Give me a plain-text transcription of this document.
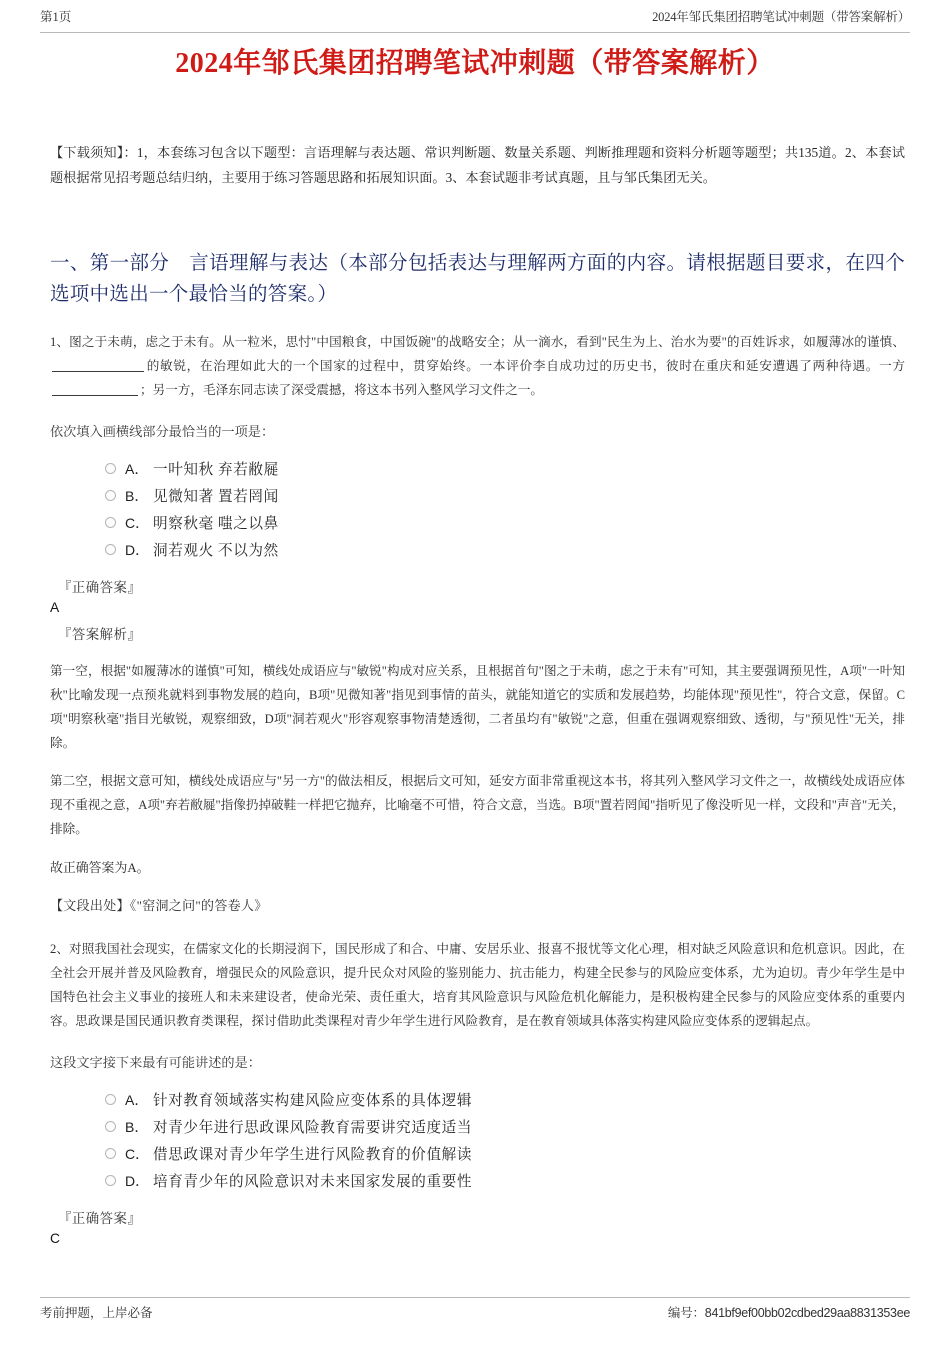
第1页	2024年邹氏集团招聘笔试冲刺题（带答案解析）
2024年邹氏集团招聘笔试冲刺题（带答案解析）
【下载须知】：1，本套练习包含以下题型：言语理解与表达题、常识判断题、数量关系题、判断推理题和资料分析题等题型；共135道。2、本套试题根据常见招考题总结归纳，主要用于练习答题思路和拓展知识面。3、本套试题非考试真题，且与邹氏集团无关。
一、第一部分　言语理解与表达（本部分包括表达与理解两方面的内容。请根据题目要求，在四个选项中选出一个最恰当的答案。）
1、图之于未萌，虑之于未有。从一粒米，思忖"中国粮食，中国饭碗"的战略安全；从一滴水，看到"民生为上、治水为要"的百姓诉求，如履薄冰的谨慎、的敏锐，在治理如此大的一个国家的过程中，贯穿始终。一本评价李自成功过的历史书，彼时在重庆和延安遭遇了两种待遇。一方；另一方，毛泽东同志读了深受震撼，将这本书列入整风学习文件之一。
依次填入画横线部分最恰当的一项是：
A． 一叶知秋 弃若敝屣
B． 见微知著 置若罔闻
C． 明察秋毫 嗤之以鼻
D． 洞若观火 不以为然
『正确答案』
A
『答案解析』
第一空，根据"如履薄冰的谨慎"可知，横线处成语应与"敏锐"构成对应关系，且根据首句"图之于未萌，虑之于未有"可知，其主要强调预见性，A项"一叶知秋"比喻发现一点预兆就料到事物发展的趋向，B项"见微知著"指见到事情的苗头，就能知道它的实质和发展趋势，均能体现"预见性"，符合文意，保留。C项"明察秋毫"指目光敏锐，观察细致，D项"洞若观火"形容观察事物清楚透彻，二者虽均有"敏锐"之意，但重在强调观察细致、透彻，与"预见性"无关，排除。
第二空，根据文意可知，横线处成语应与"另一方"的做法相反，根据后文可知，延安方面非常重视这本书，将其列入整风学习文件之一，故横线处成语应体现不重视之意，A项"弃若敝屣"指像扔掉破鞋一样把它抛弃，比喻毫不可惜，符合文意，当选。B项"置若罔闻"指听见了像没听见一样，文段和"声音"无关，排除。
故正确答案为A。
【文段出处】《"窑洞之问"的答卷人》
2、对照我国社会现实，在儒家文化的长期浸润下，国民形成了和合、中庸、安居乐业、报喜不报忧等文化心理，相对缺乏风险意识和危机意识。因此，在全社会开展并普及风险教育，增强民众的风险意识，提升民众对风险的鉴别能力、抗击能力，构建全民参与的风险应变体系，尤为迫切。青少年学生是中国特色社会主义事业的接班人和未来建设者，使命光荣、责任重大，培育其风险意识与风险危机化解能力，是积极构建全民参与的风险应变体系的重要内容。思政课是国民通识教育类课程，探讨借助此类课程对青少年学生进行风险教育，是在教育领域具体落实构建风险应变体系的逻辑起点。
这段文字接下来最有可能讲述的是：
A． 针对教育领域落实构建风险应变体系的具体逻辑
B． 对青少年进行思政课风险教育需要讲究适度适当
C． 借思政课对青少年学生进行风险教育的价值解读
D． 培育青少年的风险意识对未来国家发展的重要性
『正确答案』
C
考前押题，上岸必备	编号：841bf9ef00bb02cdbed29aa8831353ee
